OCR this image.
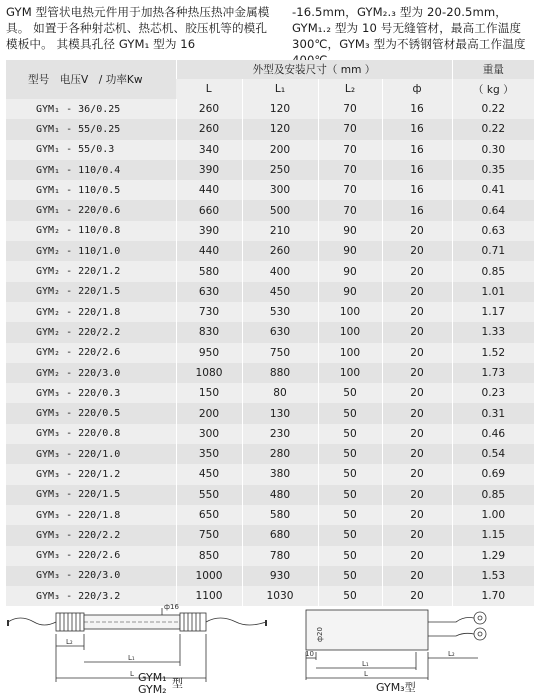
GYM 型管状电热元件用于加热各种热压热冲金属模具。 如置于各种射芯机、热芯机、胶压机等的模孔模板中。 其模具孔径 GYM₁ 型为 16
-16.5mm，GYM₂.₃ 型为 20-20.5mm，GYM₁.₂ 型为 10 号无缝管材，最高工作温度 300℃，GYM₃ 型为不锈钢管材最高工作温度
型号　电压V　/ 功率Kw	外型及安装尺寸（ mm ）				重量
	L	L₁	L₂	ф	（ kg ）
GYM₁ - 36/0.25	260	120	70	16	0.22
GYM₁ - 55/0.25	260	120	70	16	0.22
GYM₁ - 55/0.3	340	200	70	16	0.30
GYM₁ - 110/0.4	390	250	70	16	0.35
GYM₁ - 110/0.5	440	300	70	16	0.41
GYM₁ - 220/0.6	660	500	70	16	0.64
GYM₂ - 110/0.8	390	210	90	20	0.63
GYM₂ - 110/1.0	440	260	90	20	0.71
GYM₂ - 220/1.2	580	400	90	20	0.85
GYM₂ - 220/1.5	630	450	90	20	1.01
GYM₂ - 220/1.8	730	530	100	20	1.17
GYM₂ - 220/2.2	830	630	100	20	1.33
GYM₂ - 220/2.6	950	750	100	20	1.52
GYM₂ - 220/3.0	1080	880	100	20	1.73
GYM₃ - 220/0.3	150	80	50	20	0.23
GYM₃ - 220/0.5	200	130	50	20	0.31
GYM₃ - 220/0.8	300	230	50	20	0.46
GYM₃ - 220/1.0	350	280	50	20	0.54
GYM₃ - 220/1.2	450	380	50	20	0.69
GYM₃ - 220/1.5	550	480	50	20	0.85
GYM₃ - 220/1.8	650	580	50	20	1.00
GYM₃ - 220/2.2	750	680	50	20	1.15
GYM₃ - 220/2.6	850	780	50	20	1.29
GYM₃ - 220/3.0	1000	930	50	20	1.53
GYM₃ - 220/3.2	1100	1030	50	20	1.70
ф16
L₂
L₁
L
ф20
10
L₁
L
L₂
GYM₁
GYM₂ 型	GYM₃型
